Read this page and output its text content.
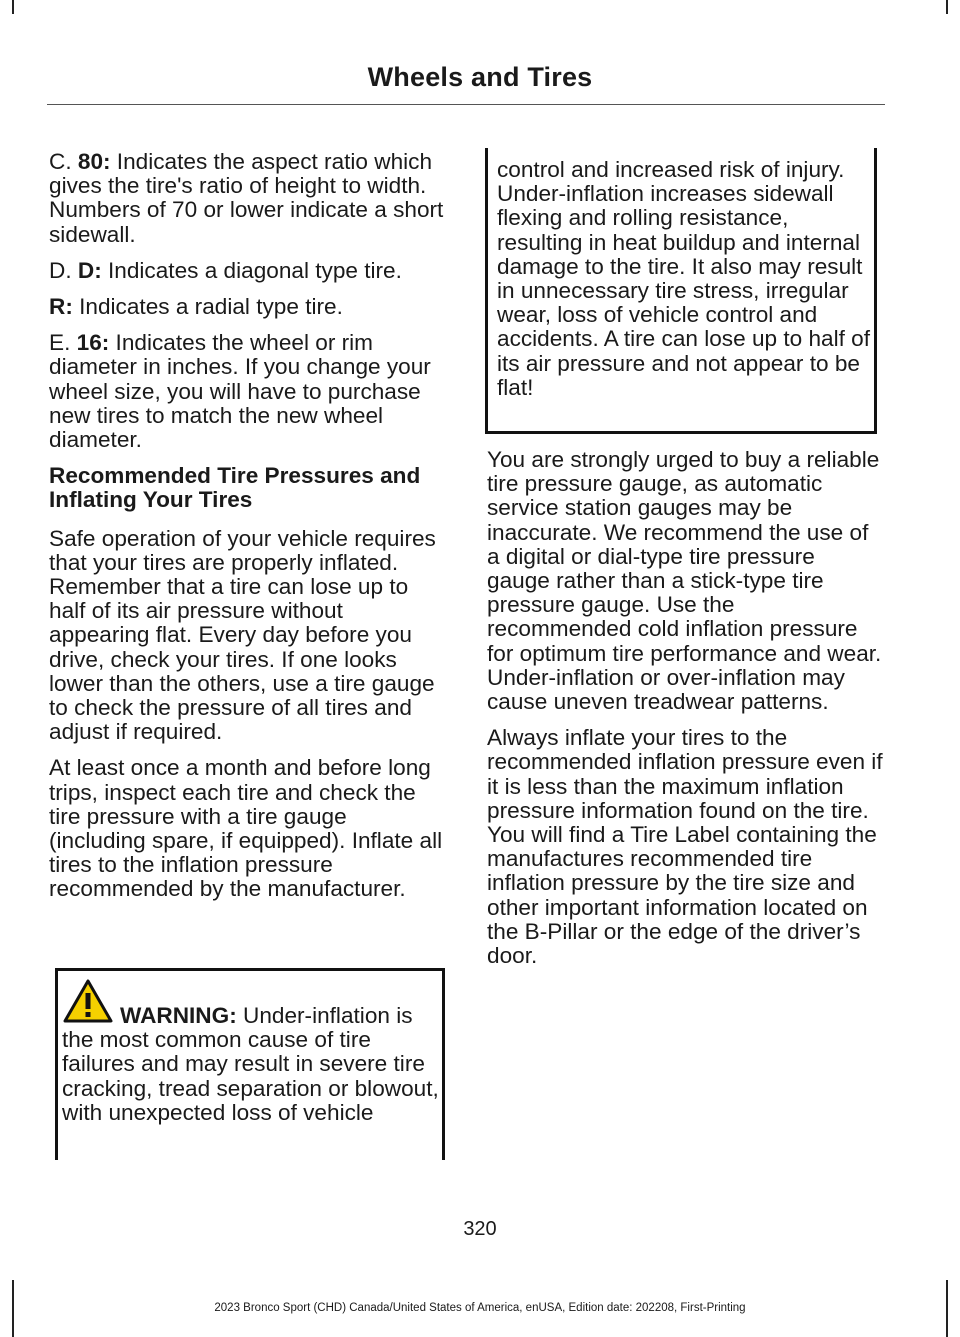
Wheels and Tires

C. 80: Indicates the aspect ratio which gives the tire's ratio of height to width. Numbers of 70 or lower indicate a short sidewall.

D. D: Indicates a diagonal type tire.

R: Indicates a radial type tire.

E. 16: Indicates the wheel or rim diameter in inches. If you change your wheel size, you will have to purchase new tires to match the new wheel diameter.

Recommended Tire Pressures and Inflating Your Tires

Safe operation of your vehicle requires that your tires are properly inflated. Remember that a tire can lose up to half of its air pressure without appearing flat. Every day before you drive, check your tires. If one looks lower than the others, use a tire gauge to check the pressure of all tires and adjust if required.

At least once a month and before long trips, inspect each tire and check the tire pressure with a tire gauge (including spare, if equipped). Inflate all tires to the inflation pressure recommended by the manufacturer.

WARNING: Under-inflation is the most common cause of tire failures and may result in severe tire cracking, tread separation or blowout, with unexpected loss of vehicle
control and increased risk of injury. Under-inflation increases sidewall flexing and rolling resistance, resulting in heat buildup and internal damage to the tire. It also may result in unnecessary tire stress, irregular wear, loss of vehicle control and accidents. A tire can lose up to half of its air pressure and not appear to be flat!

You are strongly urged to buy a reliable tire pressure gauge, as automatic service station gauges may be inaccurate. We recommend the use of a digital or dial-type tire pressure gauge rather than a stick-type tire pressure gauge. Use the recommended cold inflation pressure for optimum tire performance and wear. Under-inflation or over-inflation may cause uneven treadwear patterns.

Always inflate your tires to the recommended inflation pressure even if it is less than the maximum inflation pressure information found on the tire. You will find a Tire Label containing the manufactures recommended tire inflation pressure by the tire size and other important information located on the B-Pillar or the edge of the driver’s door.

320
2023 Bronco Sport (CHD) Canada/United States of America, enUSA, Edition date: 202208, First-Printing
